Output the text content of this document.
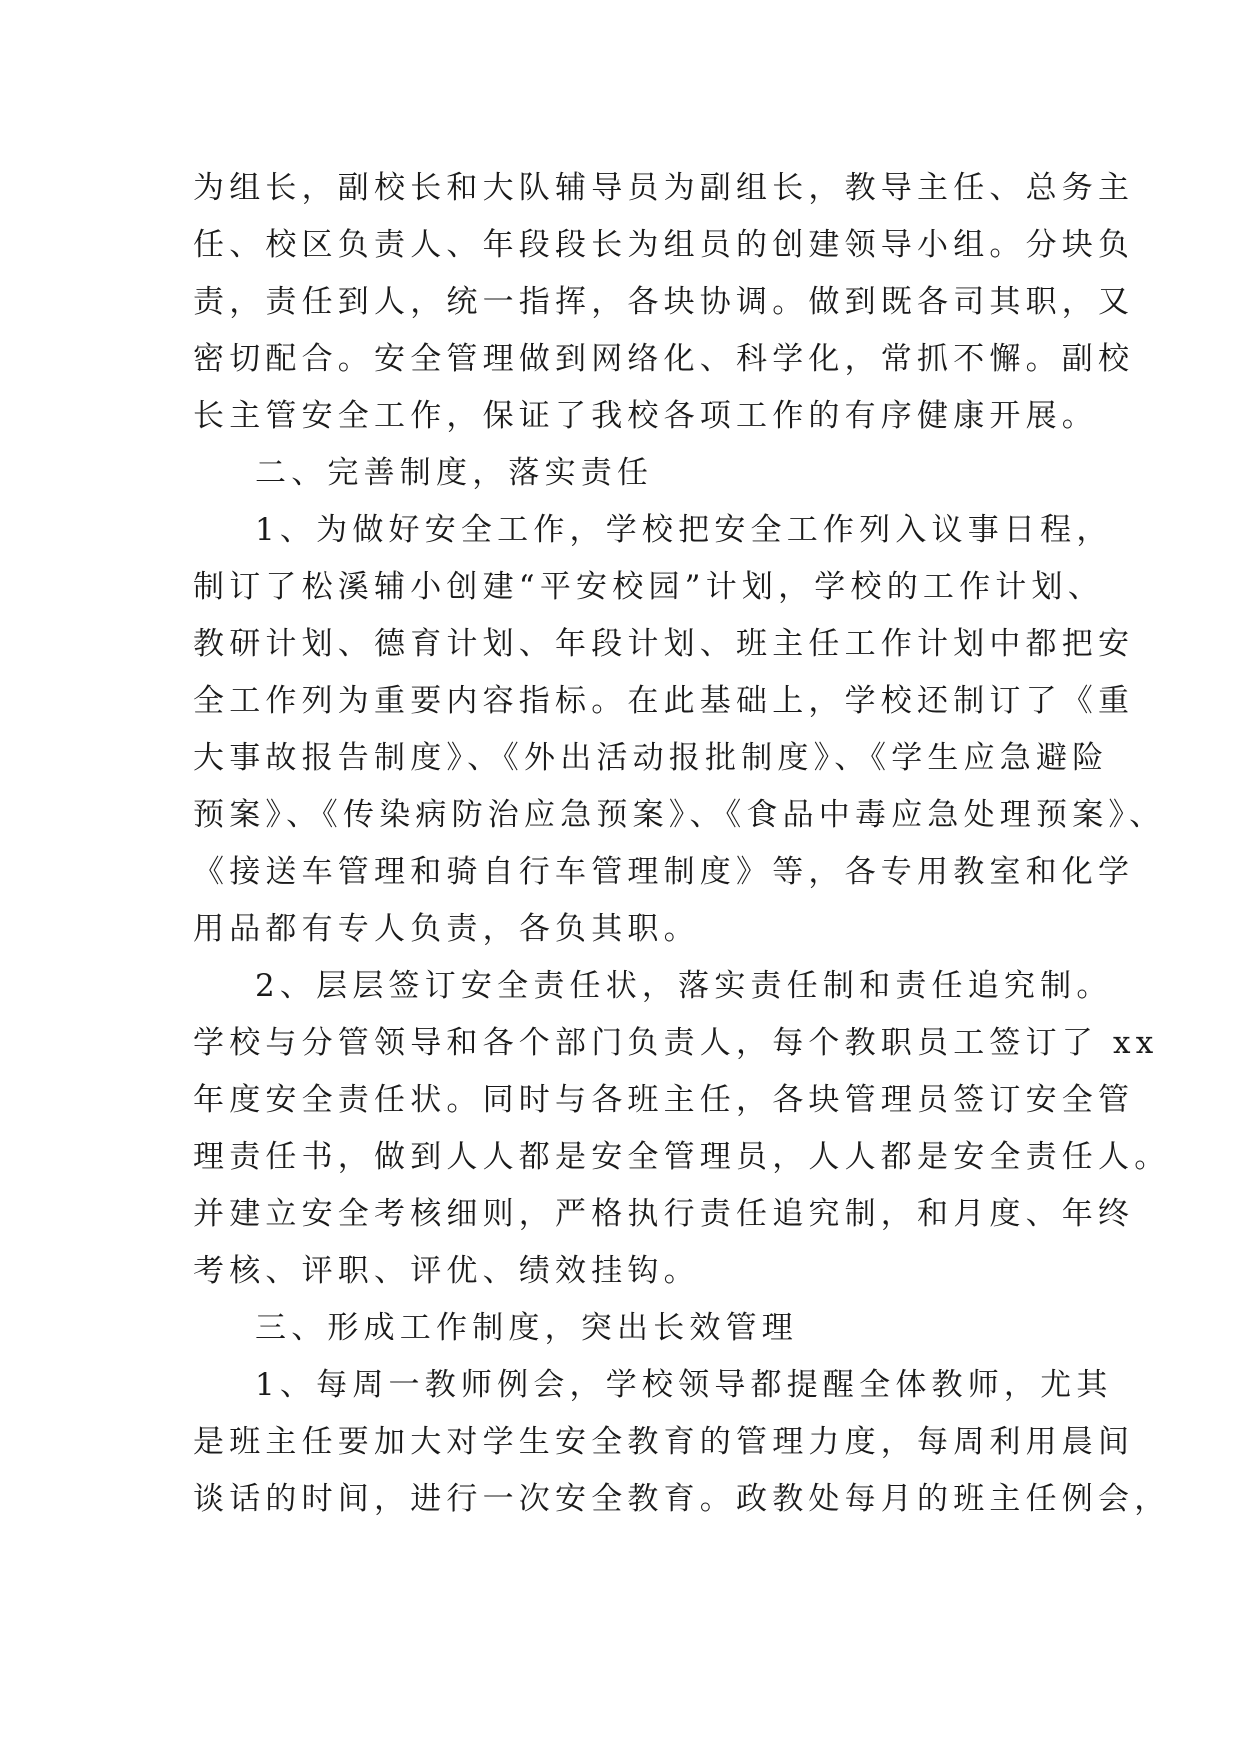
为组长，副校长和大队辅导员为副组长，教导主任、总务主
任、校区负责人、年段段长为组员的创建领导小组。分块负
责，责任到人，统一指挥，各块协调。做到既各司其职，又
密切配合。安全管理做到网络化、科学化，常抓不懈。副校
长主管安全工作，保证了我校各项工作的有序健康开展。
二、完善制度，落实责任
1、为做好安全工作，学校把安全工作列入议事日程，
制订了松溪辅小创建“平安校园”计划，学校的工作计划、
教研计划、德育计划、年段计划、班主任工作计划中都把安
全工作列为重要内容指标。在此基础上，学校还制订了《重
大事故报告制度》、《外出活动报批制度》、《学生应急避险
预案》、《传染病防治应急预案》、《食品中毒应急处理预案》、
《接送车管理和骑自行车管理制度》等，各专用教室和化学
用品都有专人负责，各负其职。
2、层层签订安全责任状，落实责任制和责任追究制。
学校与分管领导和各个部门负责人，每个教职员工签订了 xx
年度安全责任状。同时与各班主任，各块管理员签订安全管
理责任书，做到人人都是安全管理员，人人都是安全责任人。
并建立安全考核细则，严格执行责任追究制，和月度、年终
考核、评职、评优、绩效挂钩。
三、形成工作制度，突出长效管理
1、每周一教师例会，学校领导都提醒全体教师，尤其
是班主任要加大对学生安全教育的管理力度，每周利用晨间
谈话的时间，进行一次安全教育。政教处每月的班主任例会，
